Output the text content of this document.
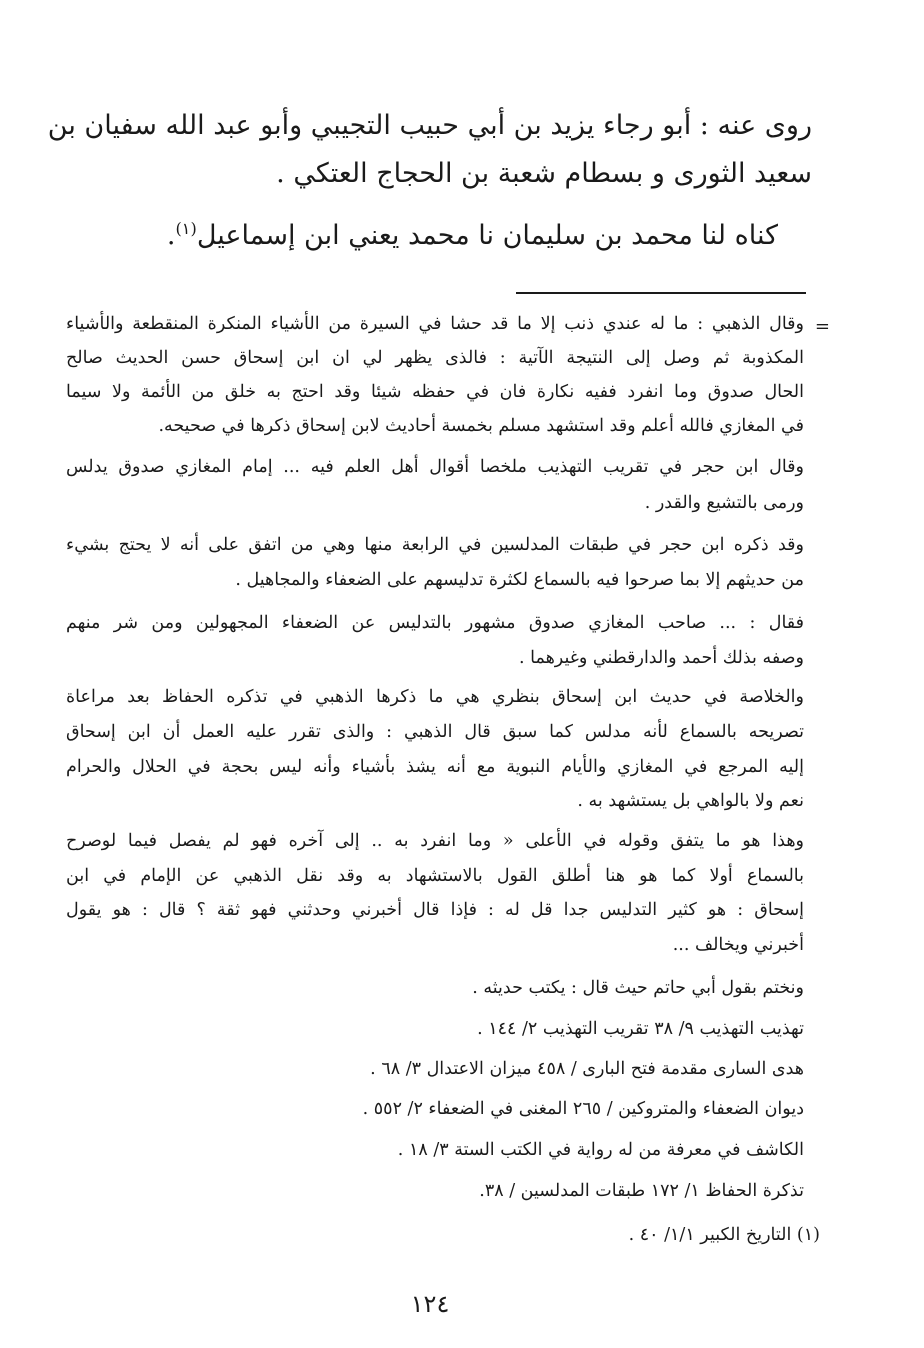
روى عنه : أبو رجاء يزيد بن أبي حبيب التجيبي وأبو عبد الله سفيان بن
سعيد الثورى و بسطام شعبة بن الحجاج العتكي .
كناه لنا محمد بن سليمان نا محمد يعني ابن إسماعيل$^{(١)}$.
=
وقال الذهبي : ما له عندي ذنب إلا ما قد حشا في السيرة من الأشياء المنكرة المنقطعة والأشياء
المكذوبة ثم وصل إلى النتيجة الآتية : فالذى يظهر لي ان ابن إسحاق حسن الحديث صالح
الحال صدوق وما انفرد ففيه نكارة فان في حفظه شيئا وقد احتج به خلق من الأئمة ولا سيما
في المغازي فالله أعلم وقد استشهد مسلم بخمسة أحاديث لابن إسحاق ذكرها في صحيحه.
وقال ابن حجر في تقريب التهذيب ملخصا أقوال أهل العلم فيه ... إمام المغازي صدوق يدلس
ورمى بالتشيع والقدر .
وقد ذكره ابن حجر في طبقات المدلسين في الرابعة منها وهي من اتفق على أنه لا يحتج بشيء
من حديثهم إلا بما صرحوا فيه بالسماع لكثرة تدليسهم على الضعفاء والمجاهيل .
فقال : ... صاحب المغازي صدوق مشهور بالتدليس عن الضعفاء المجهولين ومن شر منهم
وصفه بذلك أحمد والدارقطني وغيرهما .
والخلاصة في حديث ابن إسحاق بنظري هي ما ذكرها الذهبي في تذكره الحفاظ بعد مراعاة
تصريحه بالسماع لأنه مدلس كما سبق قال الذهبي : والذى تقرر عليه العمل أن ابن إسحاق
إليه المرجع في المغازي والأيام النبوية مع أنه يشذ بأشياء وأنه ليس بحجة في الحلال والحرام
نعم ولا بالواهي بل يستشهد به .
وهذا هو ما يتفق وقوله في الأعلى « وما انفرد به .. إلى آخره فهو لم يفصل فيما لوصرح
بالسماع أولا كما هو هنا أطلق القول بالاستشهاد به وقد نقل الذهبي عن الإمام في ابن
إسحاق : هو كثير التدليس جدا قل له : فإذا قال أخبرني وحدثني فهو ثقة ؟ قال : هو يقول
أخبرني ويخالف ...
ونختم بقول أبي حاتم حيث قال : يكتب حديثه .
تهذيب التهذيب ٩/ ٣٨ تقريب التهذيب ٢/ ١٤٤ .
هدى السارى مقدمة فتح البارى / ٤٥٨ ميزان الاعتدال ٣/ ٦٨ .
ديوان الضعفاء والمتروكين / ٢٦٥ المغنى في الضعفاء ٢/ ٥٥٢ .
الكاشف في معرفة من له رواية في الكتب الستة ٣/ ١٨ .
تذكرة الحفاظ ١/ ١٧٢ طبقات المدلسين / ٣٨.
(١) التاريخ الكبير ١/١/ ٤٠ .
١٢٤
